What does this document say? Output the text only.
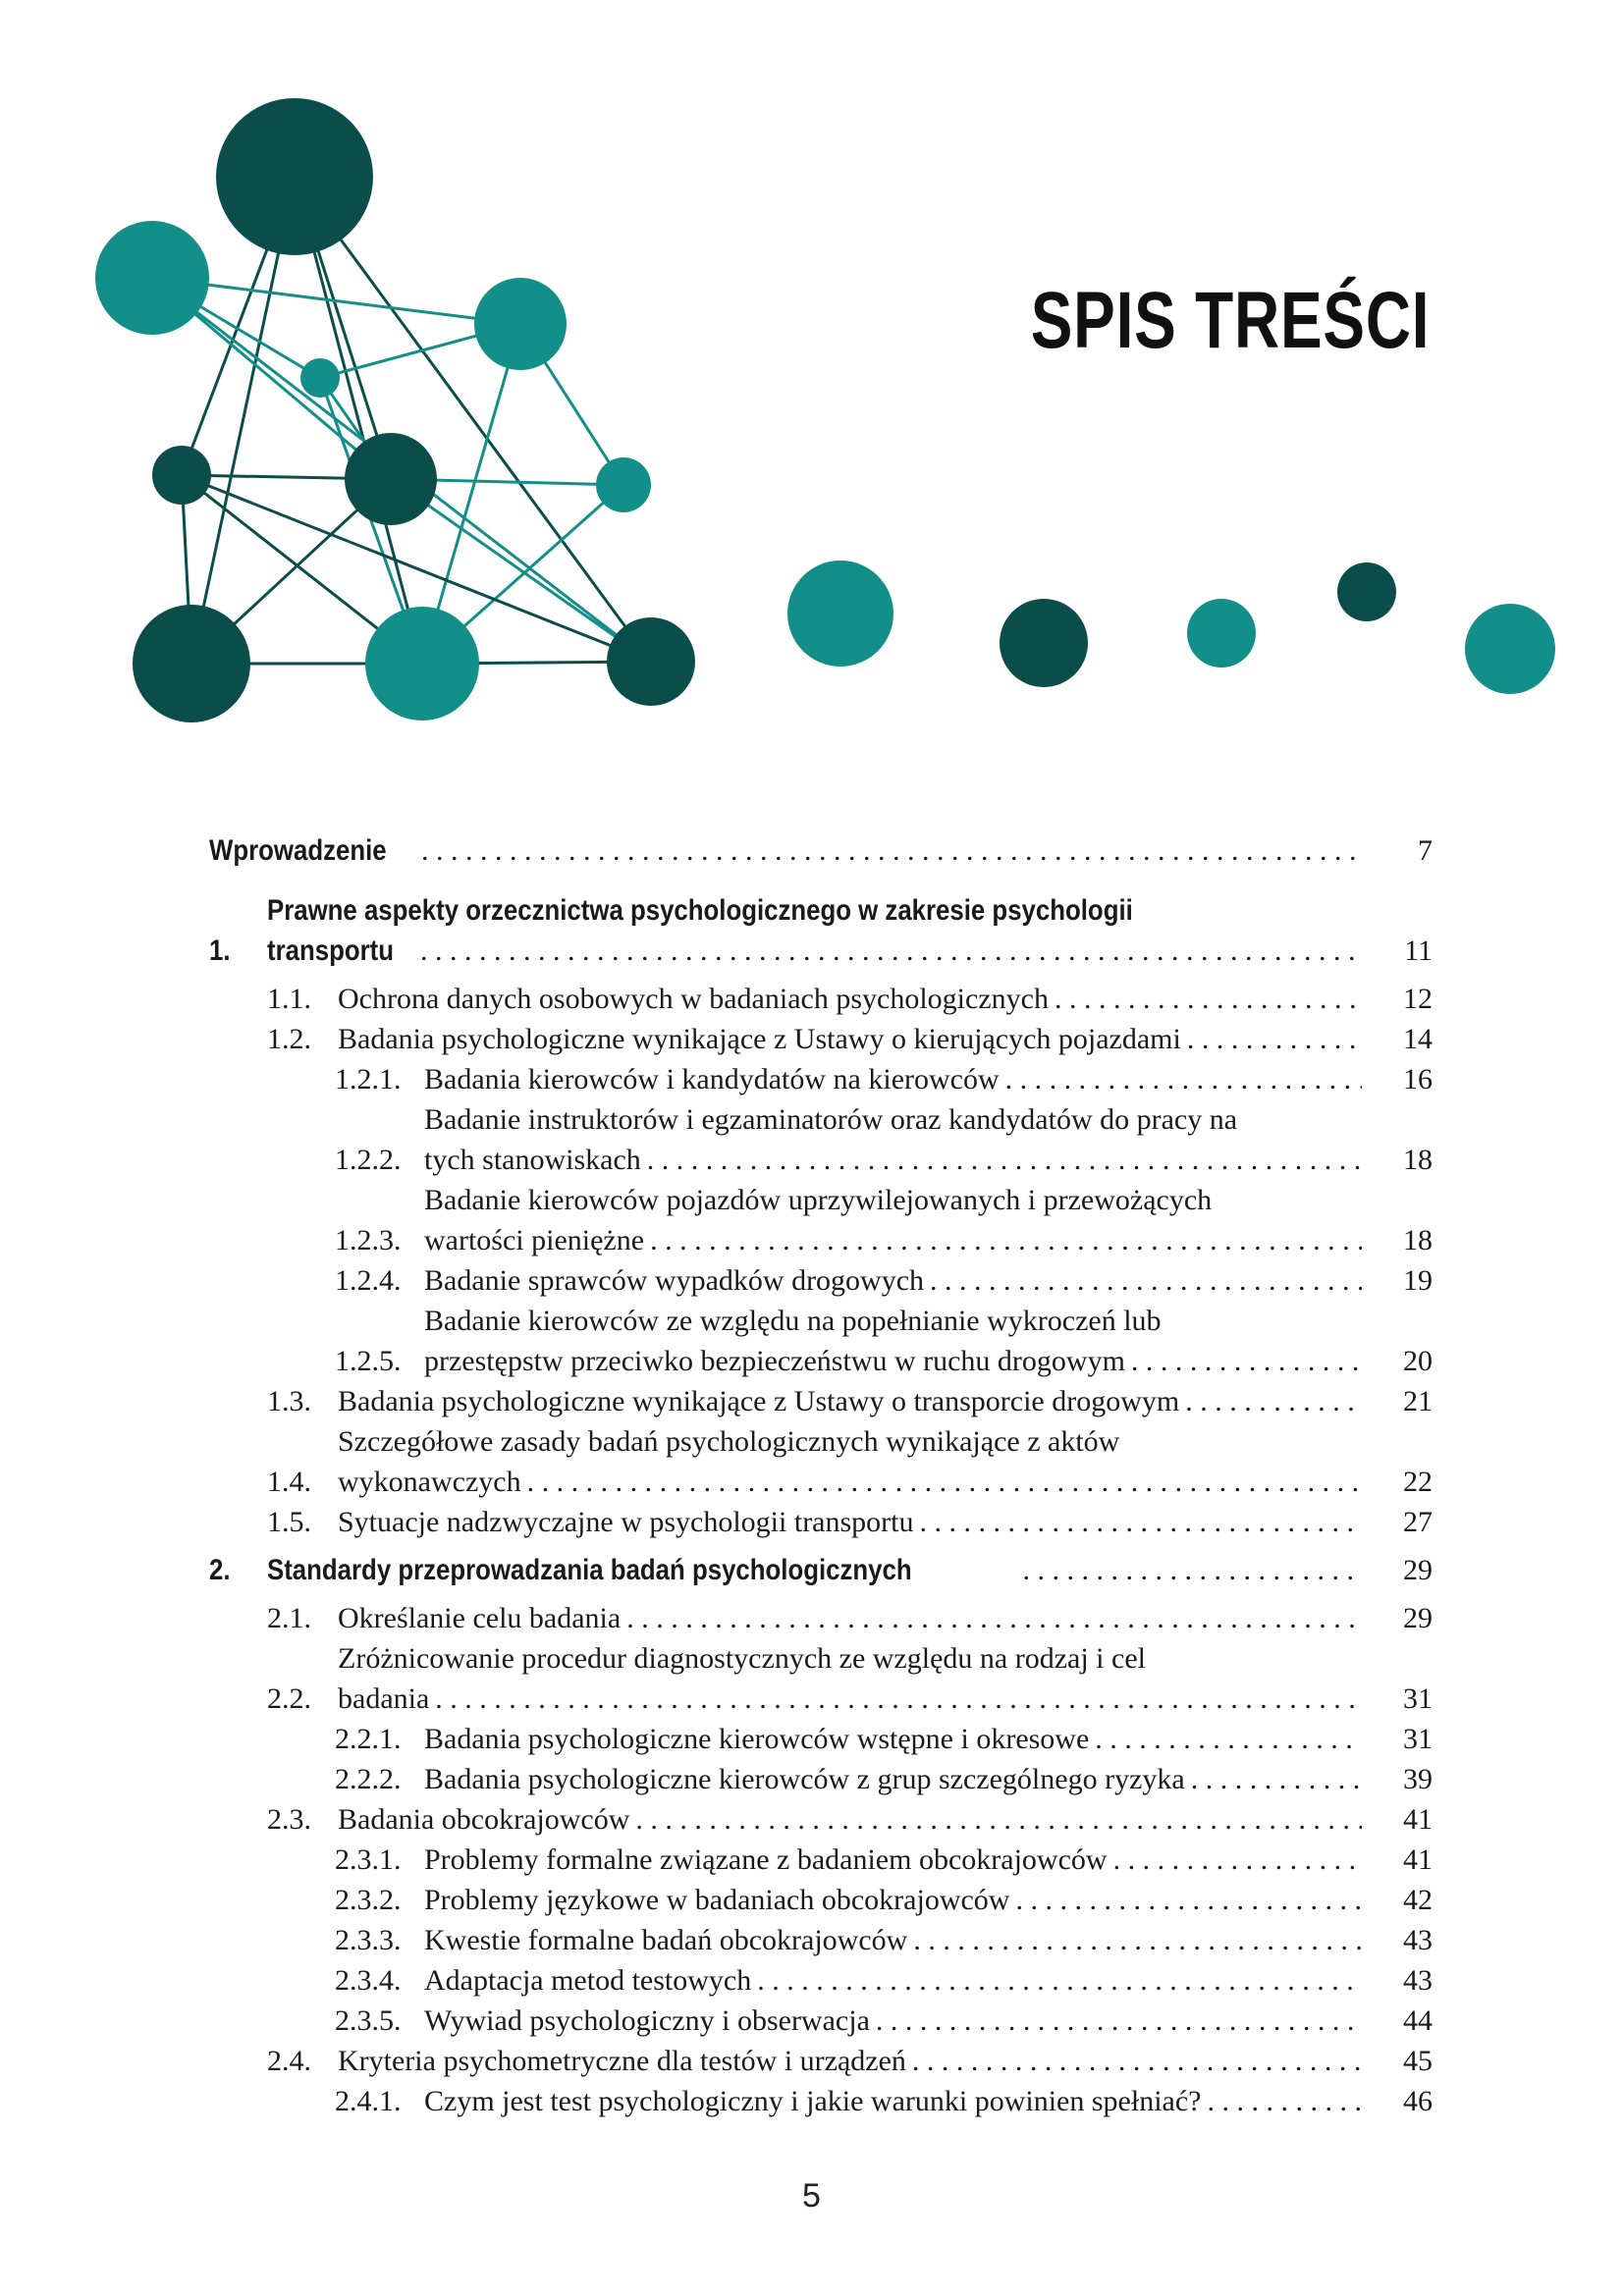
SPIS TREŚCI
Wprowadzenie . . .	7
1.
Prawne aspekty orzecznictwa psychologicznego w zakresie psychologii
transportu . . .	11
1.1. Ochrona danych osobowych w badaniach psychologicznych . . .	12
1.2. Badania psychologiczne wynikające z Ustawy o kierujących pojazdami . . .	14
1.2.1. Badania kierowców i kandydatów na kierowców . . .	16
1.2.2.
Badanie instruktorów i egzaminatorów oraz kandydatów do pracy na
tych stanowiskach . . .	18
1.2.3.
Badanie kierowców pojazdów uprzywilejowanych i przewożących
wartości pieniężne . . .	18
1.2.4. Badanie sprawców wypadków drogowych . . .	19
1.2.5.
Badanie kierowców ze względu na popełnianie wykroczeń lub
przestępstw przeciwko bezpieczeństwu w ruchu drogowym . . .	20
1.3. Badania psychologiczne wynikające z Ustawy o transporcie drogowym . . .	21
1.4.
Szczegółowe zasady badań psychologicznych wynikające z aktów
wykonawczych . . .	22
1.5. Sytuacje nadzwyczajne w psychologii transportu . . .	27
2.	Standardy przeprowadzania badań psychologicznych . . .	29
2.1. Określanie celu badania . . .	29
2.2.
Zróżnicowanie procedur diagnostycznych ze względu na rodzaj i cel
badania . . .	31
2.2.1. Badania psychologiczne kierowców wstępne i okresowe . . .	31
2.2.2. Badania psychologiczne kierowców z grup szczególnego ryzyka . . .	39
2.3. Badania obcokrajowców . . .	41
2.3.1. Problemy formalne związane z badaniem obcokrajowców . . .	41
2.3.2. Problemy językowe w badaniach obcokrajowców . . .	42
2.3.3. Kwestie formalne badań obcokrajowców . . .	43
2.3.4. Adaptacja metod testowych . . .	43
2.3.5. Wywiad psychologiczny i obserwacja . . .	44
2.4. Kryteria psychometryczne dla testów i urządzeń . . .	45
2.4.1. Czym jest test psychologiczny i jakie warunki powinien spełniać? . . .	46
5
